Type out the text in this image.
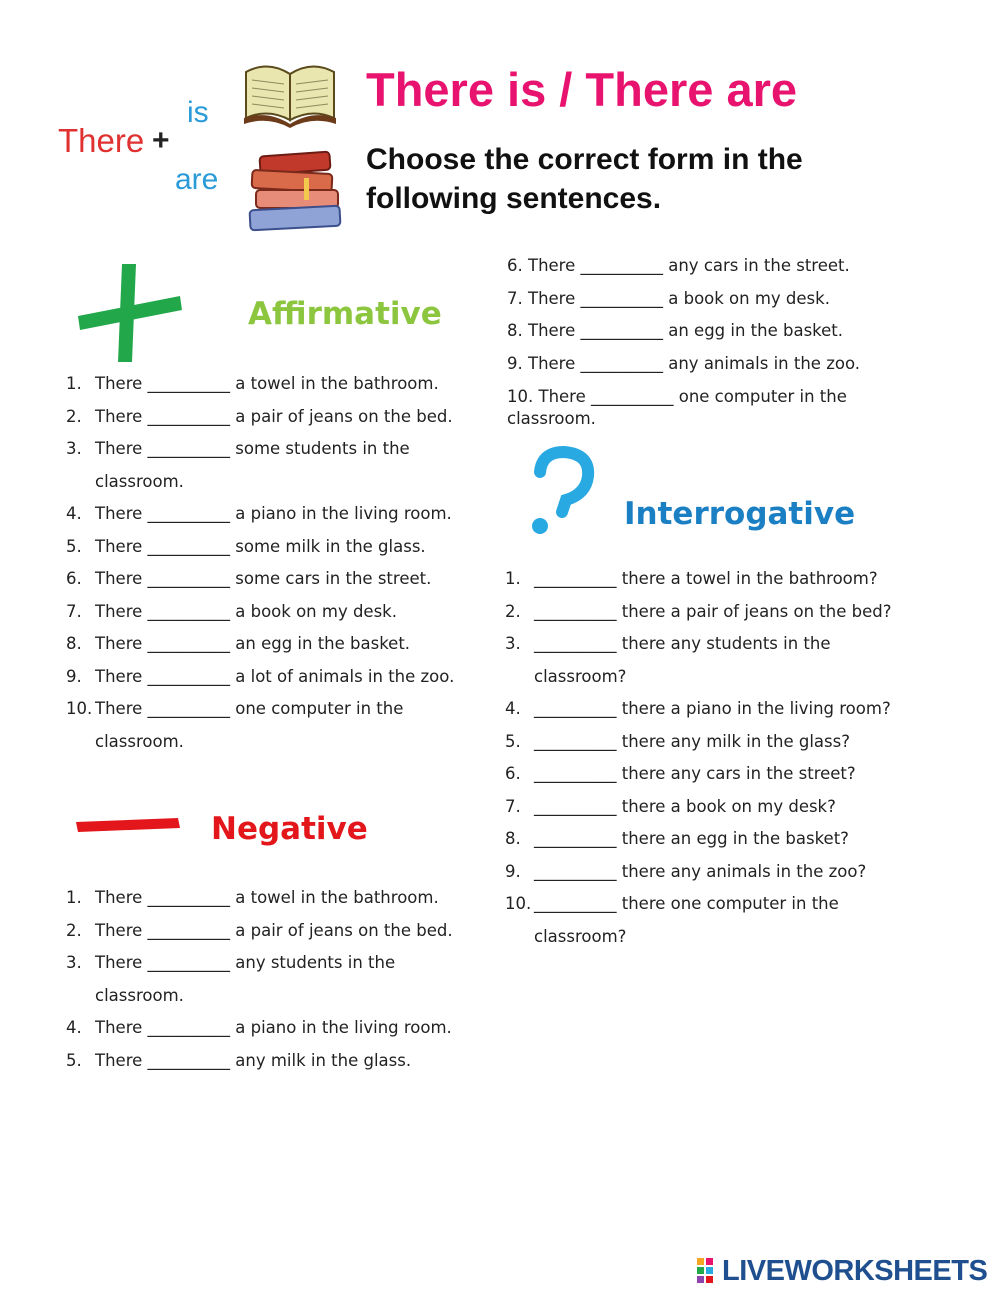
There +
is
are
There is / There are
Choose the correct form in the following sentences.
Affirmative
Negative
Interrogative
1. There __________ a towel in the bathroom.
2. There __________ a pair of jeans on the bed.
3. There __________ some students in the
classroom.
4. There __________ a piano in the living room.
5. There __________ some milk in the glass.
6. There __________ some cars in the street.
7. There __________ a book on my desk.
8. There __________ an egg in the basket.
9. There __________ a lot of animals in the zoo.
10. There __________ one computer in the
classroom.
1. There __________ a towel in the bathroom.
2. There __________ a pair of jeans on the bed.
3. There __________ any students in the
classroom.
4. There __________ a piano in the living room.
5. There __________ any milk in the glass.
6. There __________ any cars in the street.
7. There __________ a book on my desk.
8. There __________ an egg in the basket.
9. There __________ any animals in the zoo.
10. There __________ one computer in the
classroom.
1. __________ there a towel in the bathroom?
2. __________ there a pair of jeans on the bed?
3. __________ there any students in the
classroom?
4. __________ there a piano in the living room?
5. __________ there any milk in the glass?
6. __________ there any cars in the street?
7. __________ there a book on my desk?
8. __________ there an egg in the basket?
9. __________ there any animals in the zoo?
10. __________ there one computer in the
classroom?
LIVEWORKSHEETS
